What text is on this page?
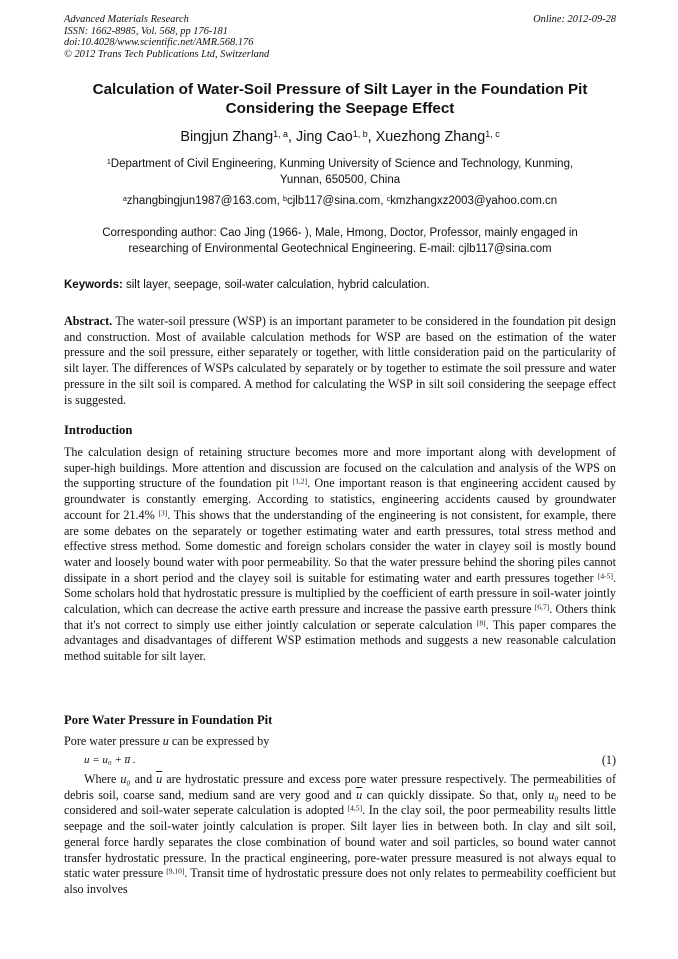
Advanced Materials Research	Online: 2012-09-28
ISSN: 1662-8985, Vol. 568, pp 176-181
doi:10.4028/www.scientific.net/AMR.568.176
© 2012 Trans Tech Publications Ltd, Switzerland
Calculation of Water-Soil Pressure of Silt Layer in the Foundation Pit
Considering the Seepage Effect
Bingjun Zhang$^{1, a}$, Jing Cao$^{1, b}$, Xuezhong Zhang$^{1, c}$
$^1$Department of Civil Engineering, Kunming University of Science and Technology, Kunming,
Yunnan, 650500, China
$^a$zhangbingjun1987@163.com, $^b$cjlb117@sina.com, $^c$kmzhangxz2003@yahoo.com.cn
Corresponding author: Cao Jing (1966- ), Male, Hmong, Doctor, Professor, mainly engaged in
researching of Environmental Geotechnical Engineering. E-mail: cjlb117@sina.com
Keywords: silt layer, seepage, soil-water calculation, hybrid calculation.
Abstract. The water-soil pressure (WSP) is an important parameter to be considered in the foundation pit design and construction. Most of available calculation methods for WSP are based on the estimation of the water pressure and the soil pressure, either separately or together, with little consideration paid on the particularity of silt layer. The differences of WSPs calculated by separately or by together to estimate the soil pressure and water pressure in the silt soil is compared. A method for calculating the WSP in silt soil considering the seepage effect is suggested.
Introduction
The calculation design of retaining structure becomes more and more important along with development of super-high buildings. More attention and discussion are focused on the calculation and analysis of the WPS on the supporting structure of the foundation pit [1,2]. One important reason is that engineering accident caused by groundwater is constantly emerging. According to statistics, engineering accidents caused by groundwater account for 21.4% [3]. This shows that the understanding of the engineering is not consistent, for example, there are some debates on the separately or together estimating water and earth pressures, total stress method and effective stress method. Some domestic and foreign scholars consider the water in clayey soil is mostly bound water and loosely bound water with poor permeability. So that the water pressure behind the shoring piles cannot dissipate in a short period and the clayey soil is suitable for estimating water and earth pressures together [4-5]. Some scholars hold that hydrostatic pressure is multiplied by the coefficient of earth pressure in soil-water jointly calculation, which can decrease the active earth pressure and increase the passive earth pressure [6,7]. Others think that it's not correct to simply use either jointly calculation or seperate calculation [8]. This paper compares the advantages and disadvantages of different WSP estimation methods and suggests a new reasonable calculation method suitable for silt layer.
Pore Water Pressure in Foundation Pit
Pore water pressure u can be expressed by
u = u₀ + u̅ .	(1)
Where u₀ and $\overline{u}$ are hydrostatic pressure and excess pore water pressure respectively. The permeabilities of debris soil, coarse sand, medium sand are very good and $\overline{u}$ can quickly dissipate. So that, only u₀ need to be considered and soil-water seperate calculation is adopted [4,5]. In the clay soil, the poor permeability results little seepage and the soil-water jointly calculation is proper. Silt layer lies in between both. In clay and silt soil, general force hardly separates the close combination of bound water and soil particles, so bound water cannot transfer hydrostatic pressure. In the practical engineering, pore-water pressure measured is not always equal to static water pressure [9,10]. Transit time of hydrostatic pressure does not only relates to permeability coefficient but also involves
